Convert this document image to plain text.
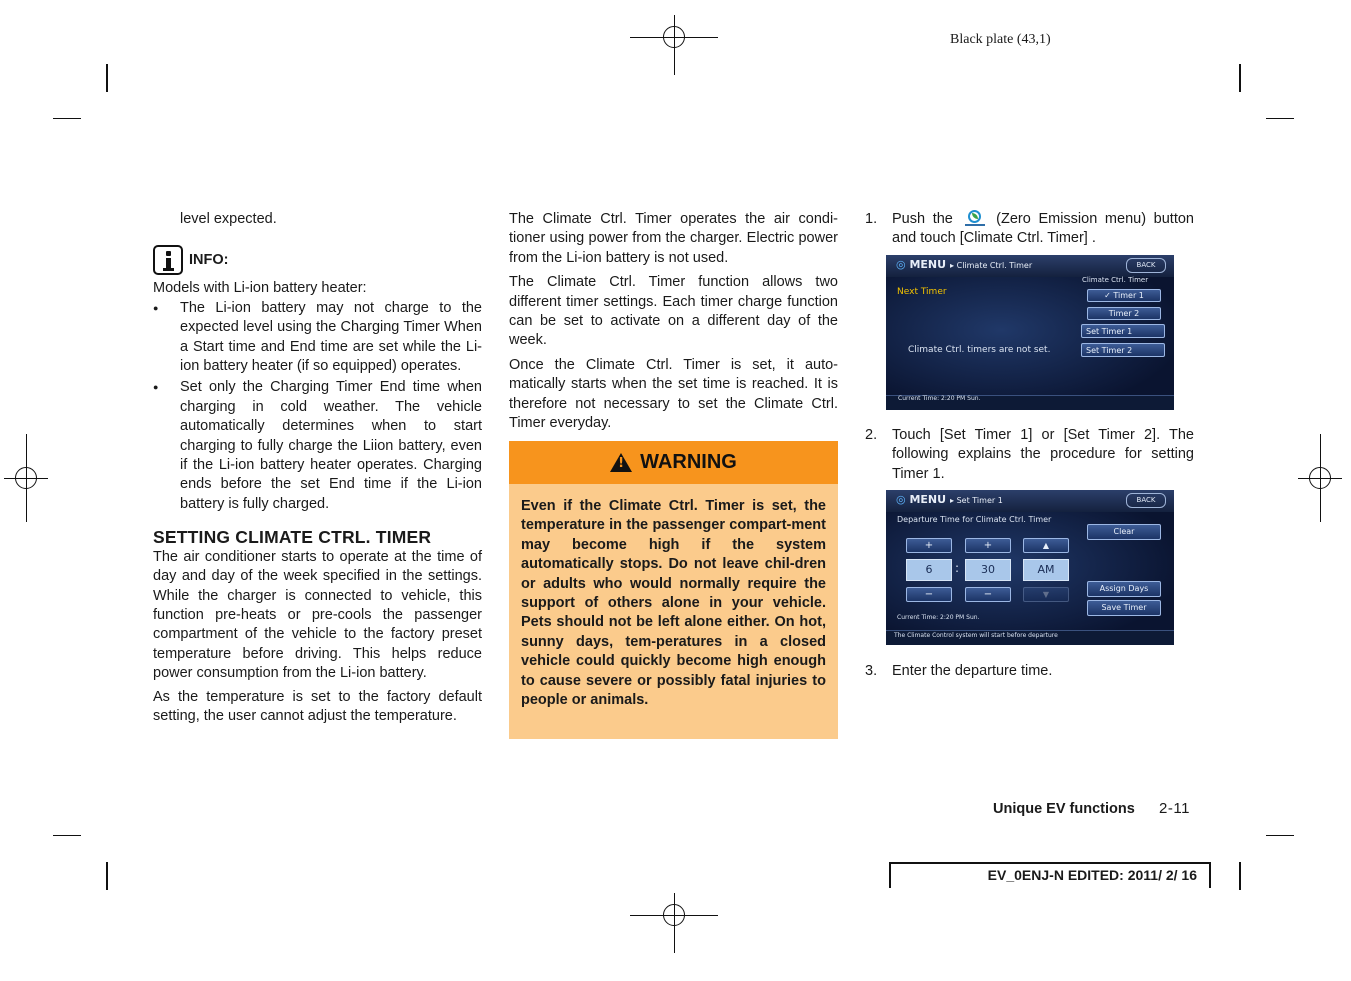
Black plate (43,1)

level expected.

INFO:

Models with Li-ion battery heater:

● The Li-ion battery may not charge to the expected level using the Charging Timer When a Start time and End time are set while the Li-ion battery heater (if so equipped) operates.
● Set only the Charging Timer End time when charging in cold weather. The vehicle automatically determines when to start charging to fully charge the Liion battery, even if the Li-ion battery heater operates. Charging ends before the set End time if the Li-ion battery is fully charged.

SETTING CLIMATE CTRL. TIMER

The air conditioner starts to operate at the time of day and day of the week specified in the settings. While the charger is connected to vehicle, this function pre-heats or pre-cools the passenger compartment of the vehicle to the factory preset temperature before driving. This helps reduce power consumption from the Li-ion battery.

As the temperature is set to the factory default setting, the user cannot adjust the temperature.

The Climate Ctrl. Timer operates the air condi-tioner using power from the charger. Electric power from the Li-ion battery is not used.

The Climate Ctrl. Timer function allows two different timer settings. Each timer charge function can be set to activate on a different day of the week.

Once the Climate Ctrl. Timer is set, it auto-matically starts when the set time is reached. It is therefore not necessary to set the Climate Ctrl. Timer everyday.

!
WARNING
Even if the Climate Ctrl. Timer is set, the temperature in the passenger compart-ment may become high if the system automatically stops. Do not leave chil-dren or adults who would normally require the support of others alone in your vehicle. Pets should not be left alone either. On hot, sunny days, tem-peratures in a closed vehicle could quickly become high enough to cause severe or possibly fatal injuries to people or animals.
1. Push the	(Zero Emission menu) button and touch [Climate Ctrl. Timer] .
◎ MENU ▸ Climate Ctrl. Timer	BACK
Next Timer
Climate Ctrl. Timer
✓ Timer 1
Timer 2
Set Timer 1
Set Timer 2
Climate Ctrl. timers are not set.
Current Time: 2:20 PM Sun.
2. Touch [Set Timer 1] or [Set Timer 2]. The following explains the procedure for setting Timer 1.
◎ MENU ▸ Set Timer 1	BACK
Departure Time for Climate Ctrl. Timer
Clear
+	+	▲
6	:	30	AM
−	−	▼
Assign Days
Save Timer
Current Time: 2:20 PM Sun.
The Climate Control system will start before departure
3. Enter the departure time.
Unique EV functions 2-11
EV_0ENJ-N EDITED: 2011/ 2/ 16
